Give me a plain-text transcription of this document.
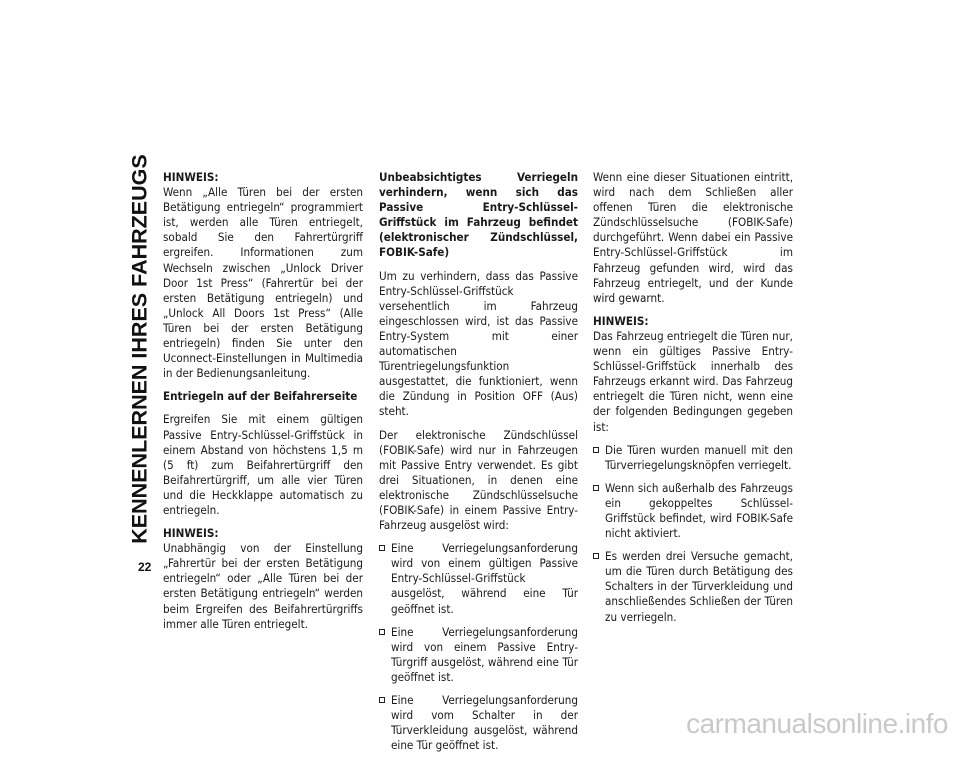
KENNENLERNEN IHRES FAHRZEUGS
22
HINWEIS:

Wenn „Alle Türen bei der ersten Betätigung entriegeln“ programmiert ist, werden alle Türen entriegelt, sobald Sie den Fahrertürgriff ergreifen. Informationen zum Wechseln zwischen „Unlock Driver Door 1st Press“ (Fahrertür bei der ersten Betätigung entriegeln) und „Unlock All Doors 1st Press“ (Alle Türen bei der ersten Betätigung entriegeln) finden Sie unter den Uconnect-Einstellungen in Multimedia in der Bedienungsanleitung.

Entriegeln auf der Beifahrerseite

Ergreifen Sie mit einem gültigen Passive Entry-Schlüssel-Griffstück in einem Abstand von höchstens 1,5 m (5 ft) zum Beifahrertürgriff den Beifahrertürgriff, um alle vier Türen und die Heckklappe automatisch zu entriegeln.

HINWEIS:

Unabhängig von der Einstellung „Fahrertür bei der ersten Betätigung entriegeln“ oder „Alle Türen bei der ersten Betätigung entriegeln“ werden beim Ergreifen des Beifahrertürgriffs immer alle Türen entriegelt.

Unbeabsichtigtes Verriegeln verhindern, wenn sich das Passive Entry-Schlüssel-Griffstück im Fahrzeug befindet (elektronischer Zündschlüssel, FOBIK-Safe)

Um zu verhindern, dass das Passive Entry-Schlüssel-Griffstück versehentlich im Fahrzeug eingeschlossen wird, ist das Passive Entry-System mit einer automatischen Türentriegelungsfunktion ausgestattet, die funktioniert, wenn die Zündung in Position OFF (Aus) steht.

Der elektronische Zündschlüssel (FOBIK-Safe) wird nur in Fahrzeugen mit Passive Entry verwendet. Es gibt drei Situationen, in denen eine elektronische Zündschlüsselsuche (FOBIK-Safe) in einem Passive Entry-Fahrzeug ausgelöst wird:

Eine Verriegelungsanforderung wird von einem gültigen Passive Entry-Schlüssel-Griffstück ausgelöst, während eine Tür geöffnet ist.
Eine Verriegelungsanforderung wird von einem Passive Entry-Türgriff ausgelöst, während eine Tür geöffnet ist.
Eine Verriegelungsanforderung wird vom Schalter in der Türverkleidung ausgelöst, während eine Tür geöffnet ist.

Wenn eine dieser Situationen eintritt, wird nach dem Schließen aller offenen Türen die elektronische Zündschlüsselsuche (FOBIK-Safe) durchgeführt. Wenn dabei ein Passive Entry-Schlüssel-Griffstück im Fahrzeug gefunden wird, wird das Fahrzeug entriegelt, und der Kunde wird gewarnt.

HINWEIS:

Das Fahrzeug entriegelt die Türen nur, wenn ein gültiges Passive Entry-Schlüssel-Griffstück innerhalb des Fahrzeugs erkannt wird. Das Fahrzeug entriegelt die Türen nicht, wenn eine der folgenden Bedingungen gegeben ist:

Die Türen wurden manuell mit den Türverriegelungsknöpfen verriegelt.
Wenn sich außerhalb des Fahrzeugs ein gekoppeltes Schlüssel-Griffstück befindet, wird FOBIK-Safe nicht aktiviert.
Es werden drei Versuche gemacht, um die Türen durch Betätigung des Schalters in der Türverkleidung und anschließendes Schließen der Türen zu verriegeln.
carmanualsonline.info
